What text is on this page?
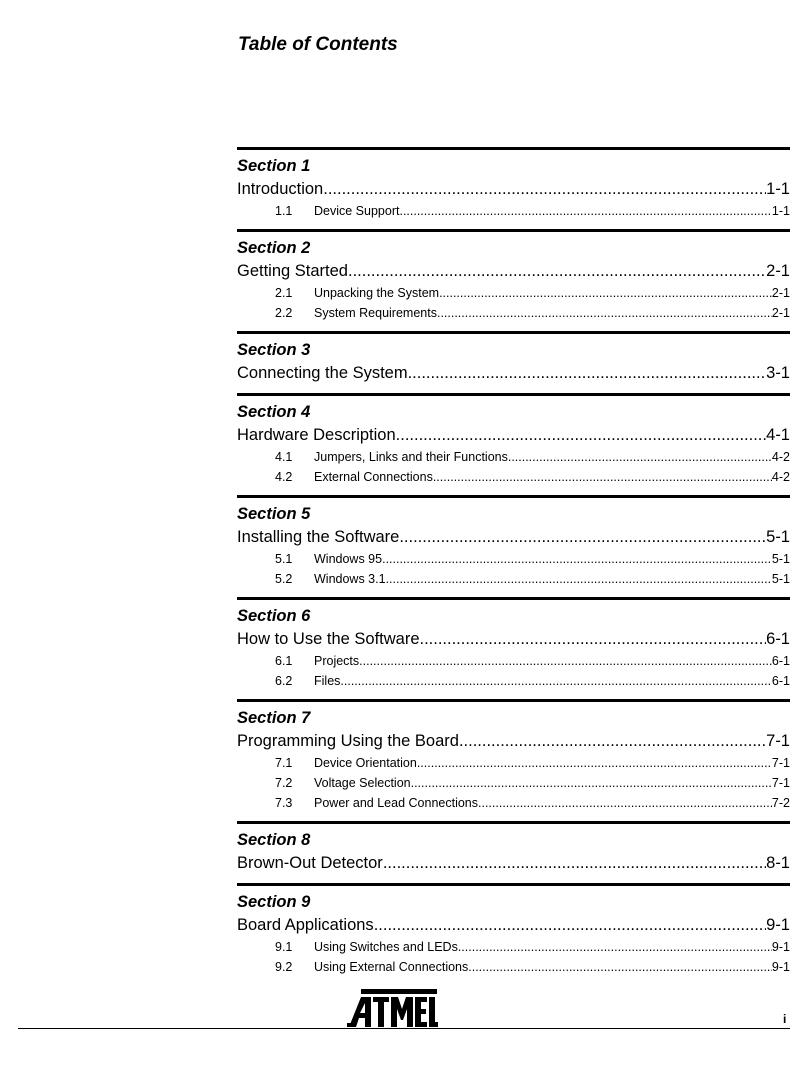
Table of Contents
Section 1
Introduction .....	1-1
1.1	Device Support .....	1-1
Section 2
Getting Started .....	2-1
2.1	Unpacking the System .....	2-1
2.2	System Requirements .....	2-1
Section 3
Connecting the System .....	3-1
Section 4
Hardware Description .....	4-1
4.1	Jumpers, Links and their Functions .....	4-2
4.2	External Connections .....	4-2
Section 5
Installing the Software .....	5-1
5.1	Windows 95 .....	5-1
5.2	Windows 3.1 .....	5-1
Section 6
How to Use the Software .....	6-1
6.1	Projects .....	6-1
6.2	Files .....	6-1
Section 7
Programming Using the Board .....	7-1
7.1	Device Orientation .....	7-1
7.2	Voltage Selection .....	7-1
7.3	Power and Lead Connections .....	7-2
Section 8
Brown-Out Detector .....	8-1
Section 9
Board Applications .....	9-1
9.1	Using Switches and LEDs .....	9-1
9.2	Using External Connections .....	9-1
i
